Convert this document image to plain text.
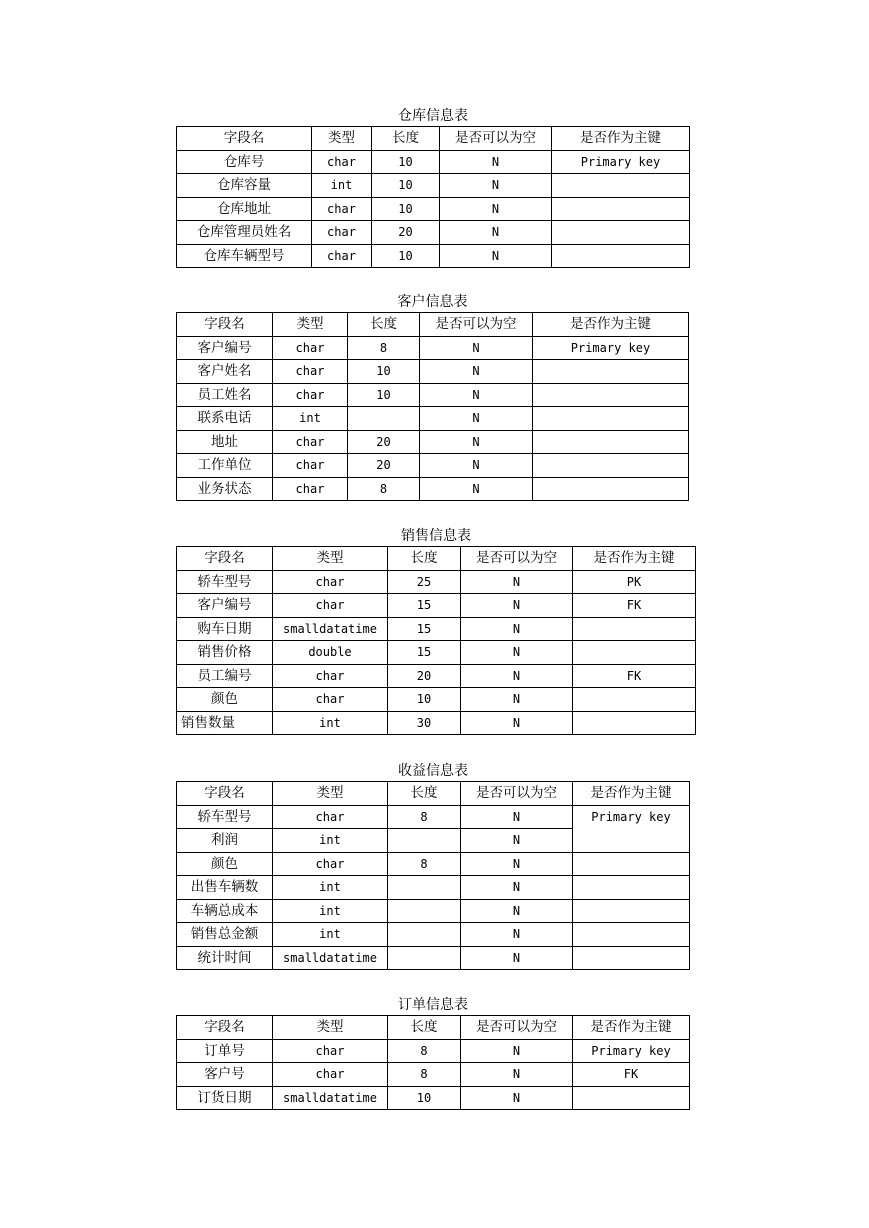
仓库信息表
字段名	类型	长度	是否可以为空	是否作为主键
仓库号	char	10	N	Primary key
仓库容量	int	10	N	
仓库地址	char	10	N	
仓库管理员姓名	char	20	N	
仓库车辆型号	char	10	N	
客户信息表
字段名	类型	长度	是否可以为空	是否作为主键
客户编号	char	8	N	Primary key
客户姓名	char	10	N	
员工姓名	char	10	N	
联系电话	int		N	
地址	char	20	N	
工作单位	char	20	N	
业务状态	char	8	N	
销售信息表
字段名	类型	长度	是否可以为空	是否作为主键
轿车型号	char	25	N	PK
客户编号	char	15	N	FK
购车日期	smalldatatime	15	N	
销售价格	double	15	N	
员工编号	char	20	N	FK
颜色	char	10	N	
销售数量	int	30	N	
收益信息表
字段名	类型	长度	是否可以为空	是否作为主键
轿车型号	char	8	N	Primary key
利润	int		N	
颜色	char	8	N	
出售车辆数	int		N	
车辆总成本	int		N	
销售总金额	int		N	
统计时间	smalldatatime		N	
订单信息表
字段名	类型	长度	是否可以为空	是否作为主键
订单号	char	8	N	Primary key
客户号	char	8	N	FK
订货日期	smalldatatime	10	N	
